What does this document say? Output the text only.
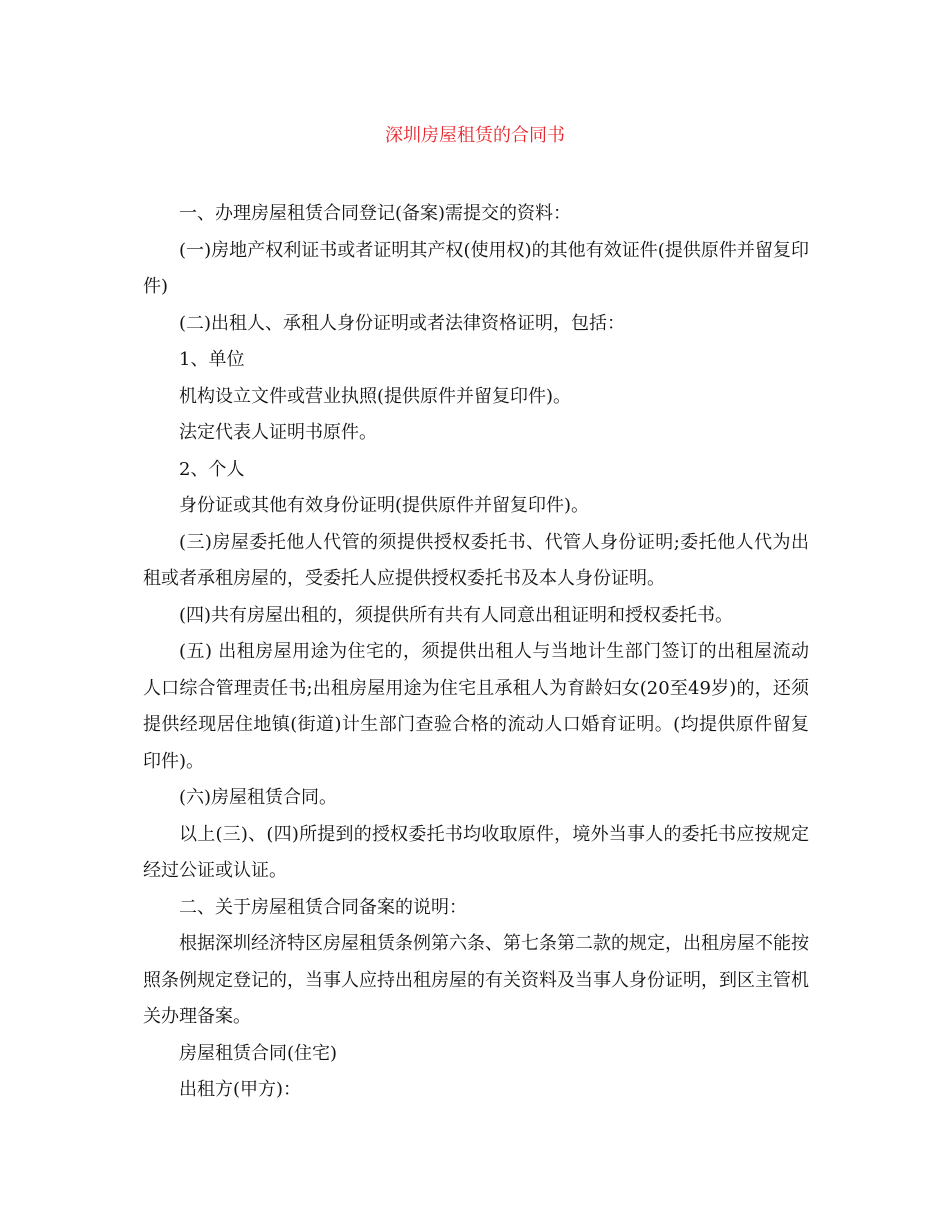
深圳房屋租赁的合同书

一、办理房屋租赁合同登记(备案)需提交的资料：

(一)房地产权利证书或者证明其产权(使用权)的其他有效证件(提供原件并留复印件)

(二)出租人、承租人身份证明或者法律资格证明，包括：

1、单位

机构设立文件或营业执照(提供原件并留复印件)。

法定代表人证明书原件。

2、个人

身份证或其他有效身份证明(提供原件并留复印件)。

(三)房屋委托他人代管的须提供授权委托书、代管人身份证明;委托他人代为出租或者承租房屋的，受委托人应提供授权委托书及本人身份证明。

(四)共有房屋出租的，须提供所有共有人同意出租证明和授权委托书。

(五) 出租房屋用途为住宅的，须提供出租人与当地计生部门签订的出租屋流动人口综合管理责任书;出租房屋用途为住宅且承租人为育龄妇女(20至49岁)的，还须提供经现居住地镇(街道)计生部门查验合格的流动人口婚育证明。(均提供原件留复印件)。

(六)房屋租赁合同。

以上(三)、(四)所提到的授权委托书均收取原件，境外当事人的委托书应按规定经过公证或认证。

二、关于房屋租赁合同备案的说明：

根据深圳经济特区房屋租赁条例第六条、第七条第二款的规定，出租房屋不能按照条例规定登记的，当事人应持出租房屋的有关资料及当事人身份证明，到区主管机关办理备案。

房屋租赁合同(住宅)

出租方(甲方)：
